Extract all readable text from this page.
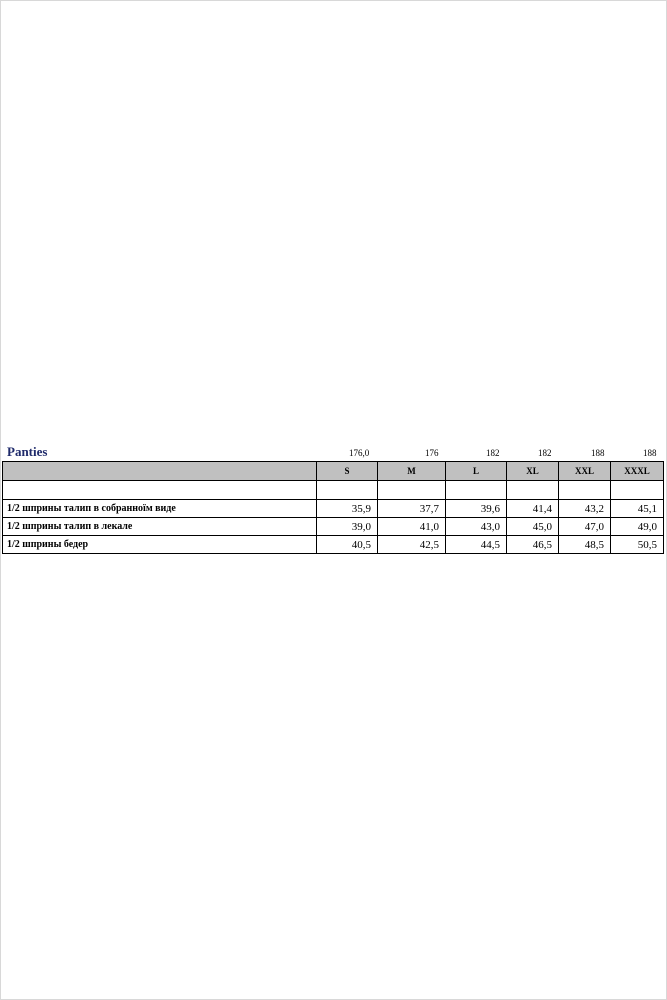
Panties	176,0	176	182	182	188	188
	S	M	L	XL	XXL	XXXL

1/2 шприны талип в собранноїм виде	35,9	37,7	39,6	41,4	43,2	45,1
1/2 шприны талип в лекале	39,0	41,0	43,0	45,0	47,0	49,0
1/2 шприны бедер	40,5	42,5	44,5	46,5	48,5	50,5
